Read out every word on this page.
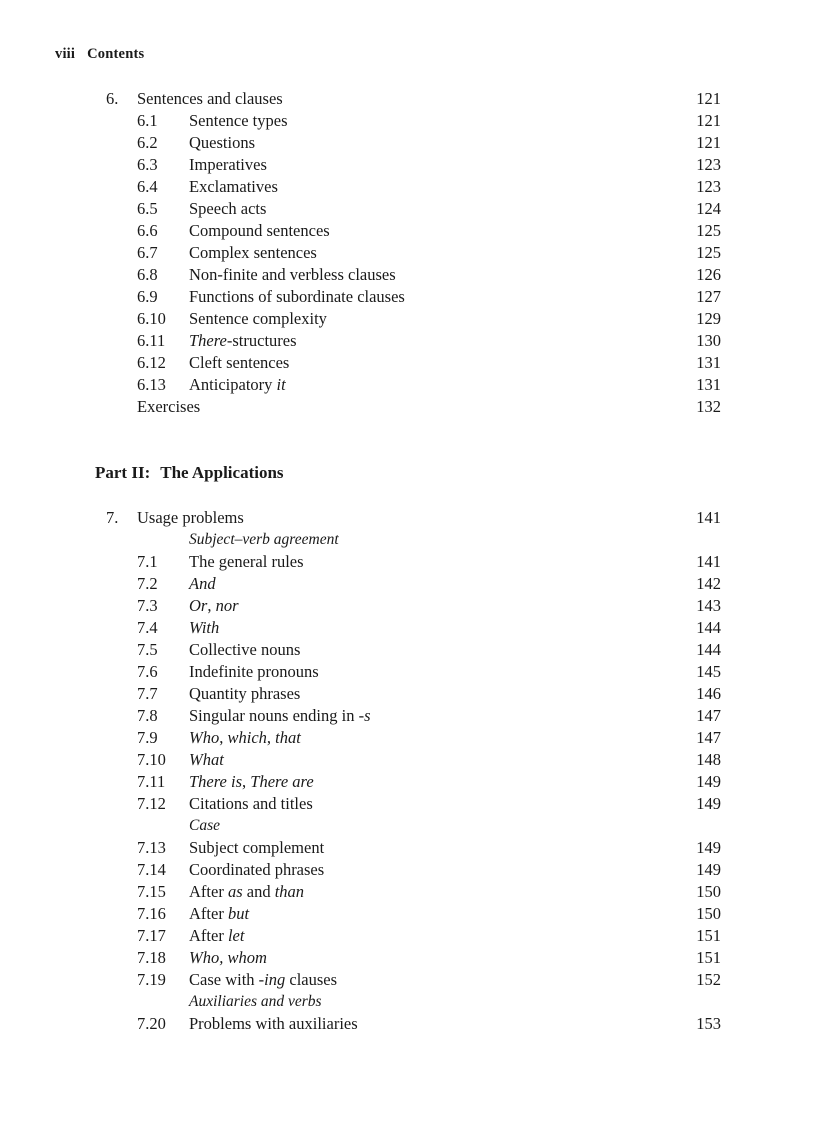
viii Contents
6. Sentences and clauses	121
6.1 Sentence types	121
6.2 Questions	121
6.3 Imperatives	123
6.4 Exclamatives	123
6.5 Speech acts	124
6.6 Compound sentences	125
6.7 Complex sentences	125
6.8 Non-finite and verbless clauses	126
6.9 Functions of subordinate clauses	127
6.10 Sentence complexity	129
6.11 There-structures	130
6.12 Cleft sentences	131
6.13 Anticipatory it	131
Exercises	132
Part II: The Applications
7. Usage problems	141
Subject–verb agreement
7.1 The general rules	141
7.2 And	142
7.3 Or, nor	143
7.4 With	144
7.5 Collective nouns	144
7.6 Indefinite pronouns	145
7.7 Quantity phrases	146
7.8 Singular nouns ending in -s	147
7.9 Who, which, that	147
7.10 What	148
7.11 There is, There are	149
7.12 Citations and titles	149
Case
7.13 Subject complement	149
7.14 Coordinated phrases	149
7.15 After as and than	150
7.16 After but	150
7.17 After let	151
7.18 Who, whom	151
7.19 Case with -ing clauses	152
Auxiliaries and verbs
7.20 Problems with auxiliaries	153
